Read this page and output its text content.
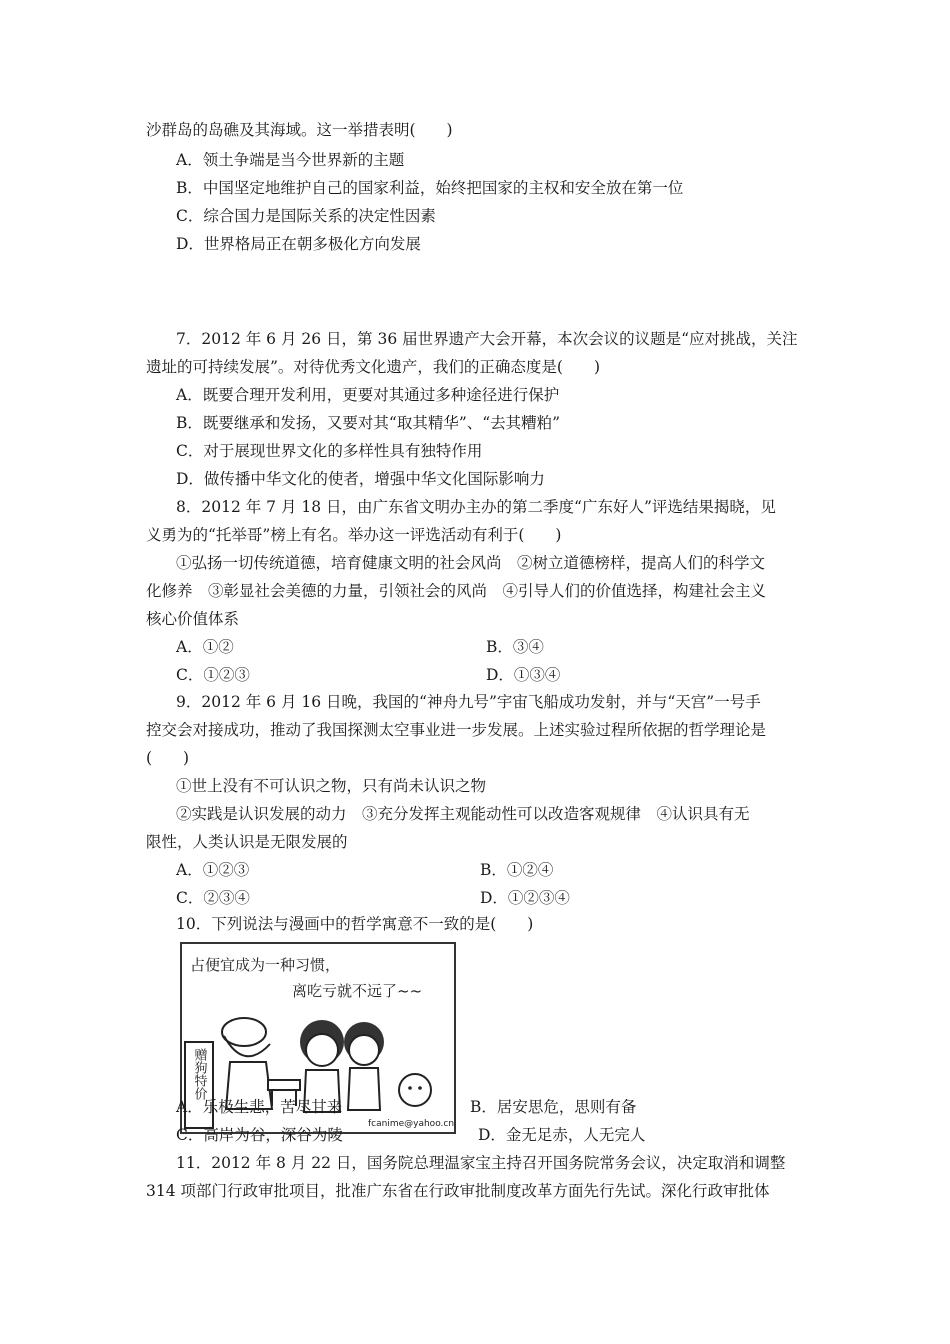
沙群岛的岛礁及其海域。这一举措表明(　　)
A．领土争端是当今世界新的主题
B．中国坚定地维护自己的国家利益，始终把国家的主权和安全放在第一位
C．综合国力是国际关系的决定性因素
D．世界格局正在朝多极化方向发展
7．2012 年 6 月 26 日，第 36 届世界遗产大会开幕，本次会议的议题是“应对挑战，关注
遗址的可持续发展”。对待优秀文化遗产，我们的正确态度是(　　)
A．既要合理开发利用，更要对其通过多种途径进行保护
B．既要继承和发扬，又要对其“取其精华”、“去其糟粕”
C．对于展现世界文化的多样性具有独特作用
D．做传播中华文化的使者，增强中华文化国际影响力
8．2012 年 7 月 18 日，由广东省文明办主办的第二季度“广东好人”评选结果揭晓，见
义勇为的“托举哥”榜上有名。举办这一评选活动有利于(　　)
①弘扬一切传统道德，培育健康文明的社会风尚　②树立道德榜样，提高人们的科学文
化修养　③彰显社会美德的力量，引领社会的风尚　④引导人们的价值选择，构建社会主义
核心价值体系
A．①②	B．③④
C．①②③	D．①③④
9．2012 年 6 月 16 日晚，我国的“神舟九号”宇宙飞船成功发射，并与“天宫”一号手
控交会对接成功，推动了我国探测太空事业进一步发展。上述实验过程所依据的哲学理论是
(　　)
①世上没有不可认识之物，只有尚未认识之物
②实践是认识发展的动力　③充分发挥主观能动性可以改造客观规律　④认识具有无
限性，人类认识是无限发展的
A．①②③	B．①②④
C．②③④	D．①②③④
10．下列说法与漫画中的哲学寓意不一致的是(　　)
占便宜成为一种习惯，
离吃亏就不远了~~
赠狗特价
fcanime@yahoo.cn
A．乐极生悲，苦尽甘来	B．居安思危，思则有备
C．高岸为谷，深谷为陵	D．金无足赤，人无完人
11．2012 年 8 月 22 日，国务院总理温家宝主持召开国务院常务会议，决定取消和调整
314 项部门行政审批项目，批准广东省在行政审批制度改革方面先行先试。深化行政审批体
